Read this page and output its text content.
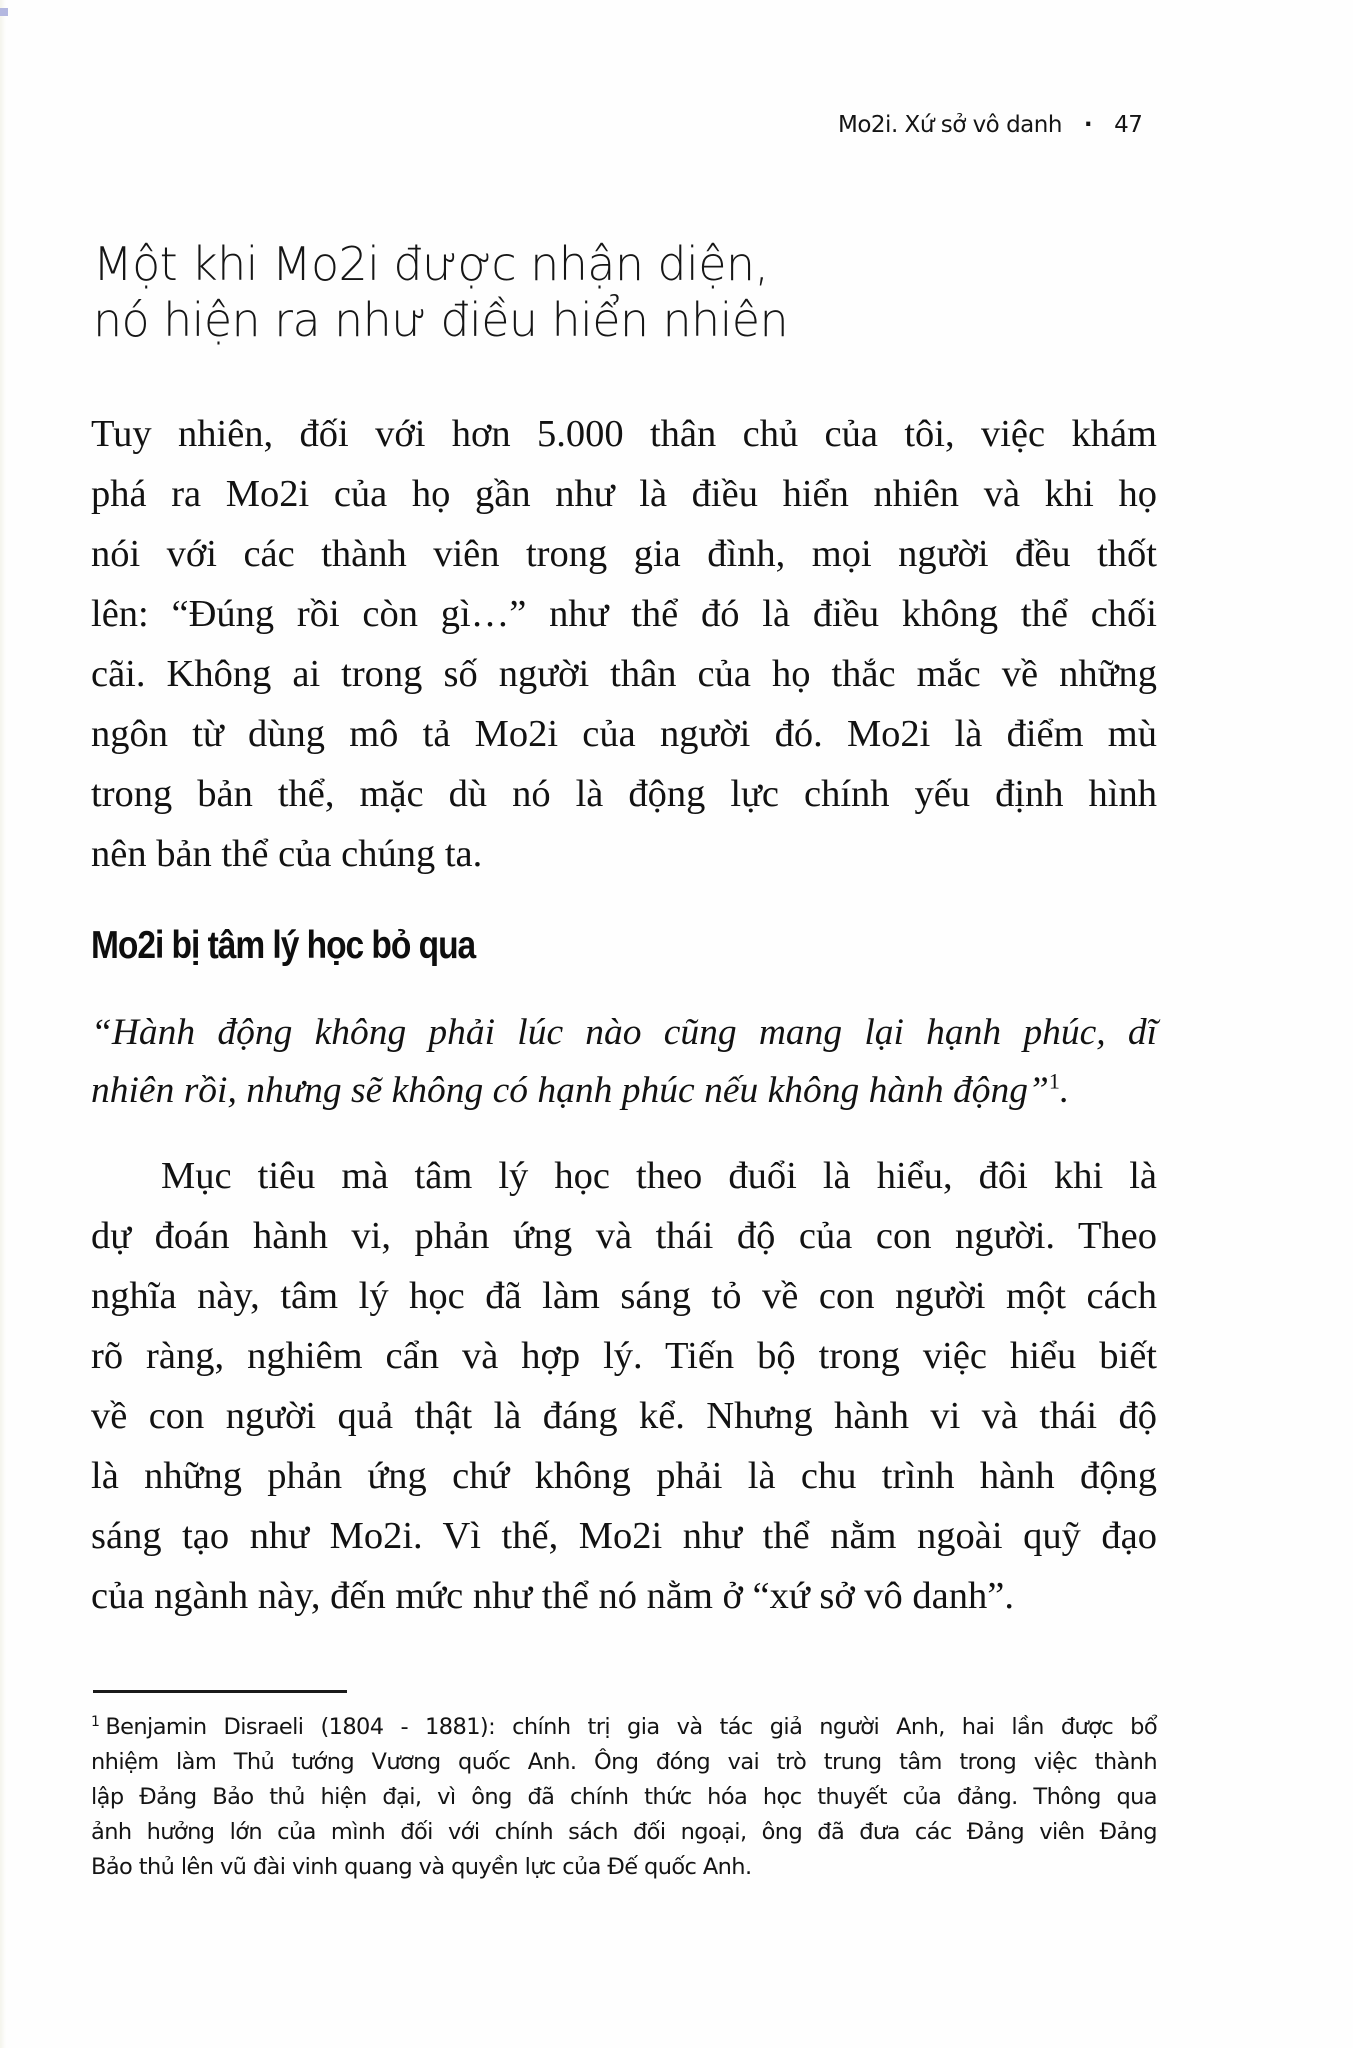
Mo2i. Xứ sở vô danh · 47
Một khi Mo2i được nhận diện,
nó hiện ra như điều hiển nhiên

Tuy nhiên, đối với hơn 5.000 thân chủ của tôi, việc khám
phá ra Mo2i của họ gần như là điều hiển nhiên và khi họ
nói với các thành viên trong gia đình, mọi người đều thốt
lên: “Đúng rồi còn gì…” như thể đó là điều không thể chối
cãi. Không ai trong số người thân của họ thắc mắc về những
ngôn từ dùng mô tả Mo2i của người đó. Mo2i là điểm mù
trong bản thể, mặc dù nó là động lực chính yếu định hình
nên bản thể của chúng ta.

Mo2i bị tâm lý học bỏ qua

“Hành động không phải lúc nào cũng mang lại hạnh phúc, dĩ
nhiên rồi, nhưng sẽ không có hạnh phúc nếu không hành động”$^1$.

Mục tiêu mà tâm lý học theo đuổi là hiểu, đôi khi là
dự đoán hành vi, phản ứng và thái độ của con người. Theo
nghĩa này, tâm lý học đã làm sáng tỏ về con người một cách
rõ ràng, nghiêm cẩn và hợp lý. Tiến bộ trong việc hiểu biết
về con người quả thật là đáng kể. Nhưng hành vi và thái độ
là những phản ứng chứ không phải là chu trình hành động
sáng tạo như Mo2i. Vì thế, Mo2i như thể nằm ngoài quỹ đạo
của ngành này, đến mức như thể nó nằm ở “xứ sở vô danh”.

$^1$ Benjamin Disraeli (1804 - 1881): chính trị gia và tác giả người Anh, hai lần được bổ
nhiệm làm Thủ tướng Vương quốc Anh. Ông đóng vai trò trung tâm trong việc thành
lập Đảng Bảo thủ hiện đại, vì ông đã chính thức hóa học thuyết của đảng. Thông qua
ảnh hưởng lớn của mình đối với chính sách đối ngoại, ông đã đưa các Đảng viên Đảng
Bảo thủ lên vũ đài vinh quang và quyền lực của Đế quốc Anh.
